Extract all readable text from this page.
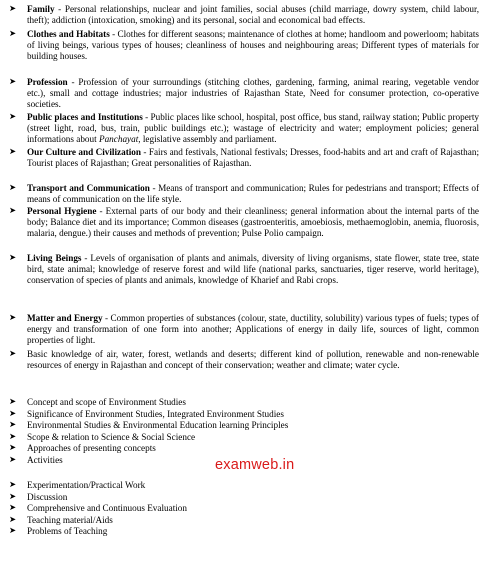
➤	Family - Personal relationships, nuclear and joint families, social abuses (child marriage, dowry system, child labour, theft); addiction (intoxication, smoking) and its personal, social and economical bad effects.
➤	Clothes and Habitats - Clothes for different seasons; maintenance of clothes at home; handloom and powerloom; habitats of living beings, various types of houses; cleanliness of houses and neighbouring areas; Different types of materials for building houses.
➤	Profession - Profession of your surroundings (stitching clothes, gardening, farming, animal rearing, vegetable vendor etc.), small and cottage industries; major industries of Rajasthan State, Need for consumer protection, co-operative societies.
➤	Public places and Institutions - Public places like school, hospital, post office, bus stand, railway station; Public property (street light, road, bus, train, public buildings etc.); wastage of electricity and water; employment policies; general informations about Panchayat, legislative assembly and parliament.
➤	Our Culture and Civilization - Fairs and festivals, National festivals; Dresses, food-habits and art and craft of Rajasthan; Tourist places of Rajasthan; Great personalities of Rajasthan.
➤	Transport and Communication - Means of transport and communication; Rules for pedestrians and transport; Effects of means of communication on the life style.
➤	Personal Hygiene - External parts of our body and their cleanliness; general information about the internal parts of the body; Balance diet and its importance; Common diseases (gastroenteritis, amoebiosis, methaemoglobin, anemia, fluorosis, malaria, dengue.) their causes and methods of prevention; Pulse Polio campaign.
➤	Living Beings - Levels of organisation of plants and animals, diversity of living organisms, state flower, state tree, state bird, state animal; knowledge of reserve forest and wild life (national parks, sanctuaries, tiger reserve, world heritage), conservation of species of plants and animals, knowledge of Kharief and Rabi crops.
➤	Matter and Energy - Common properties of substances (colour, state, ductility, solubility) various types of fuels; types of energy and transformation of one form into another; Applications of energy in daily life, sources of light, common properties of light.
➤	Basic knowledge of air, water, forest, wetlands and deserts; different kind of pollution, renewable and non-renewable resources of energy in Rajasthan and concept of their conservation; weather and climate; water cycle.
➤	Concept and scope of Environment Studies
➤	Significance of Environment Studies, Integrated Environment Studies
➤	Environmental Studies & Environmental Education learning Principles
➤	Scope & relation to Science & Social Science
➤	Approaches of presenting concepts
➤	Activities
➤	Experimentation/Practical Work
➤	Discussion
➤	Comprehensive and Continuous Evaluation
➤	Teaching material/Aids
➤	Problems of Teaching
examweb.in
